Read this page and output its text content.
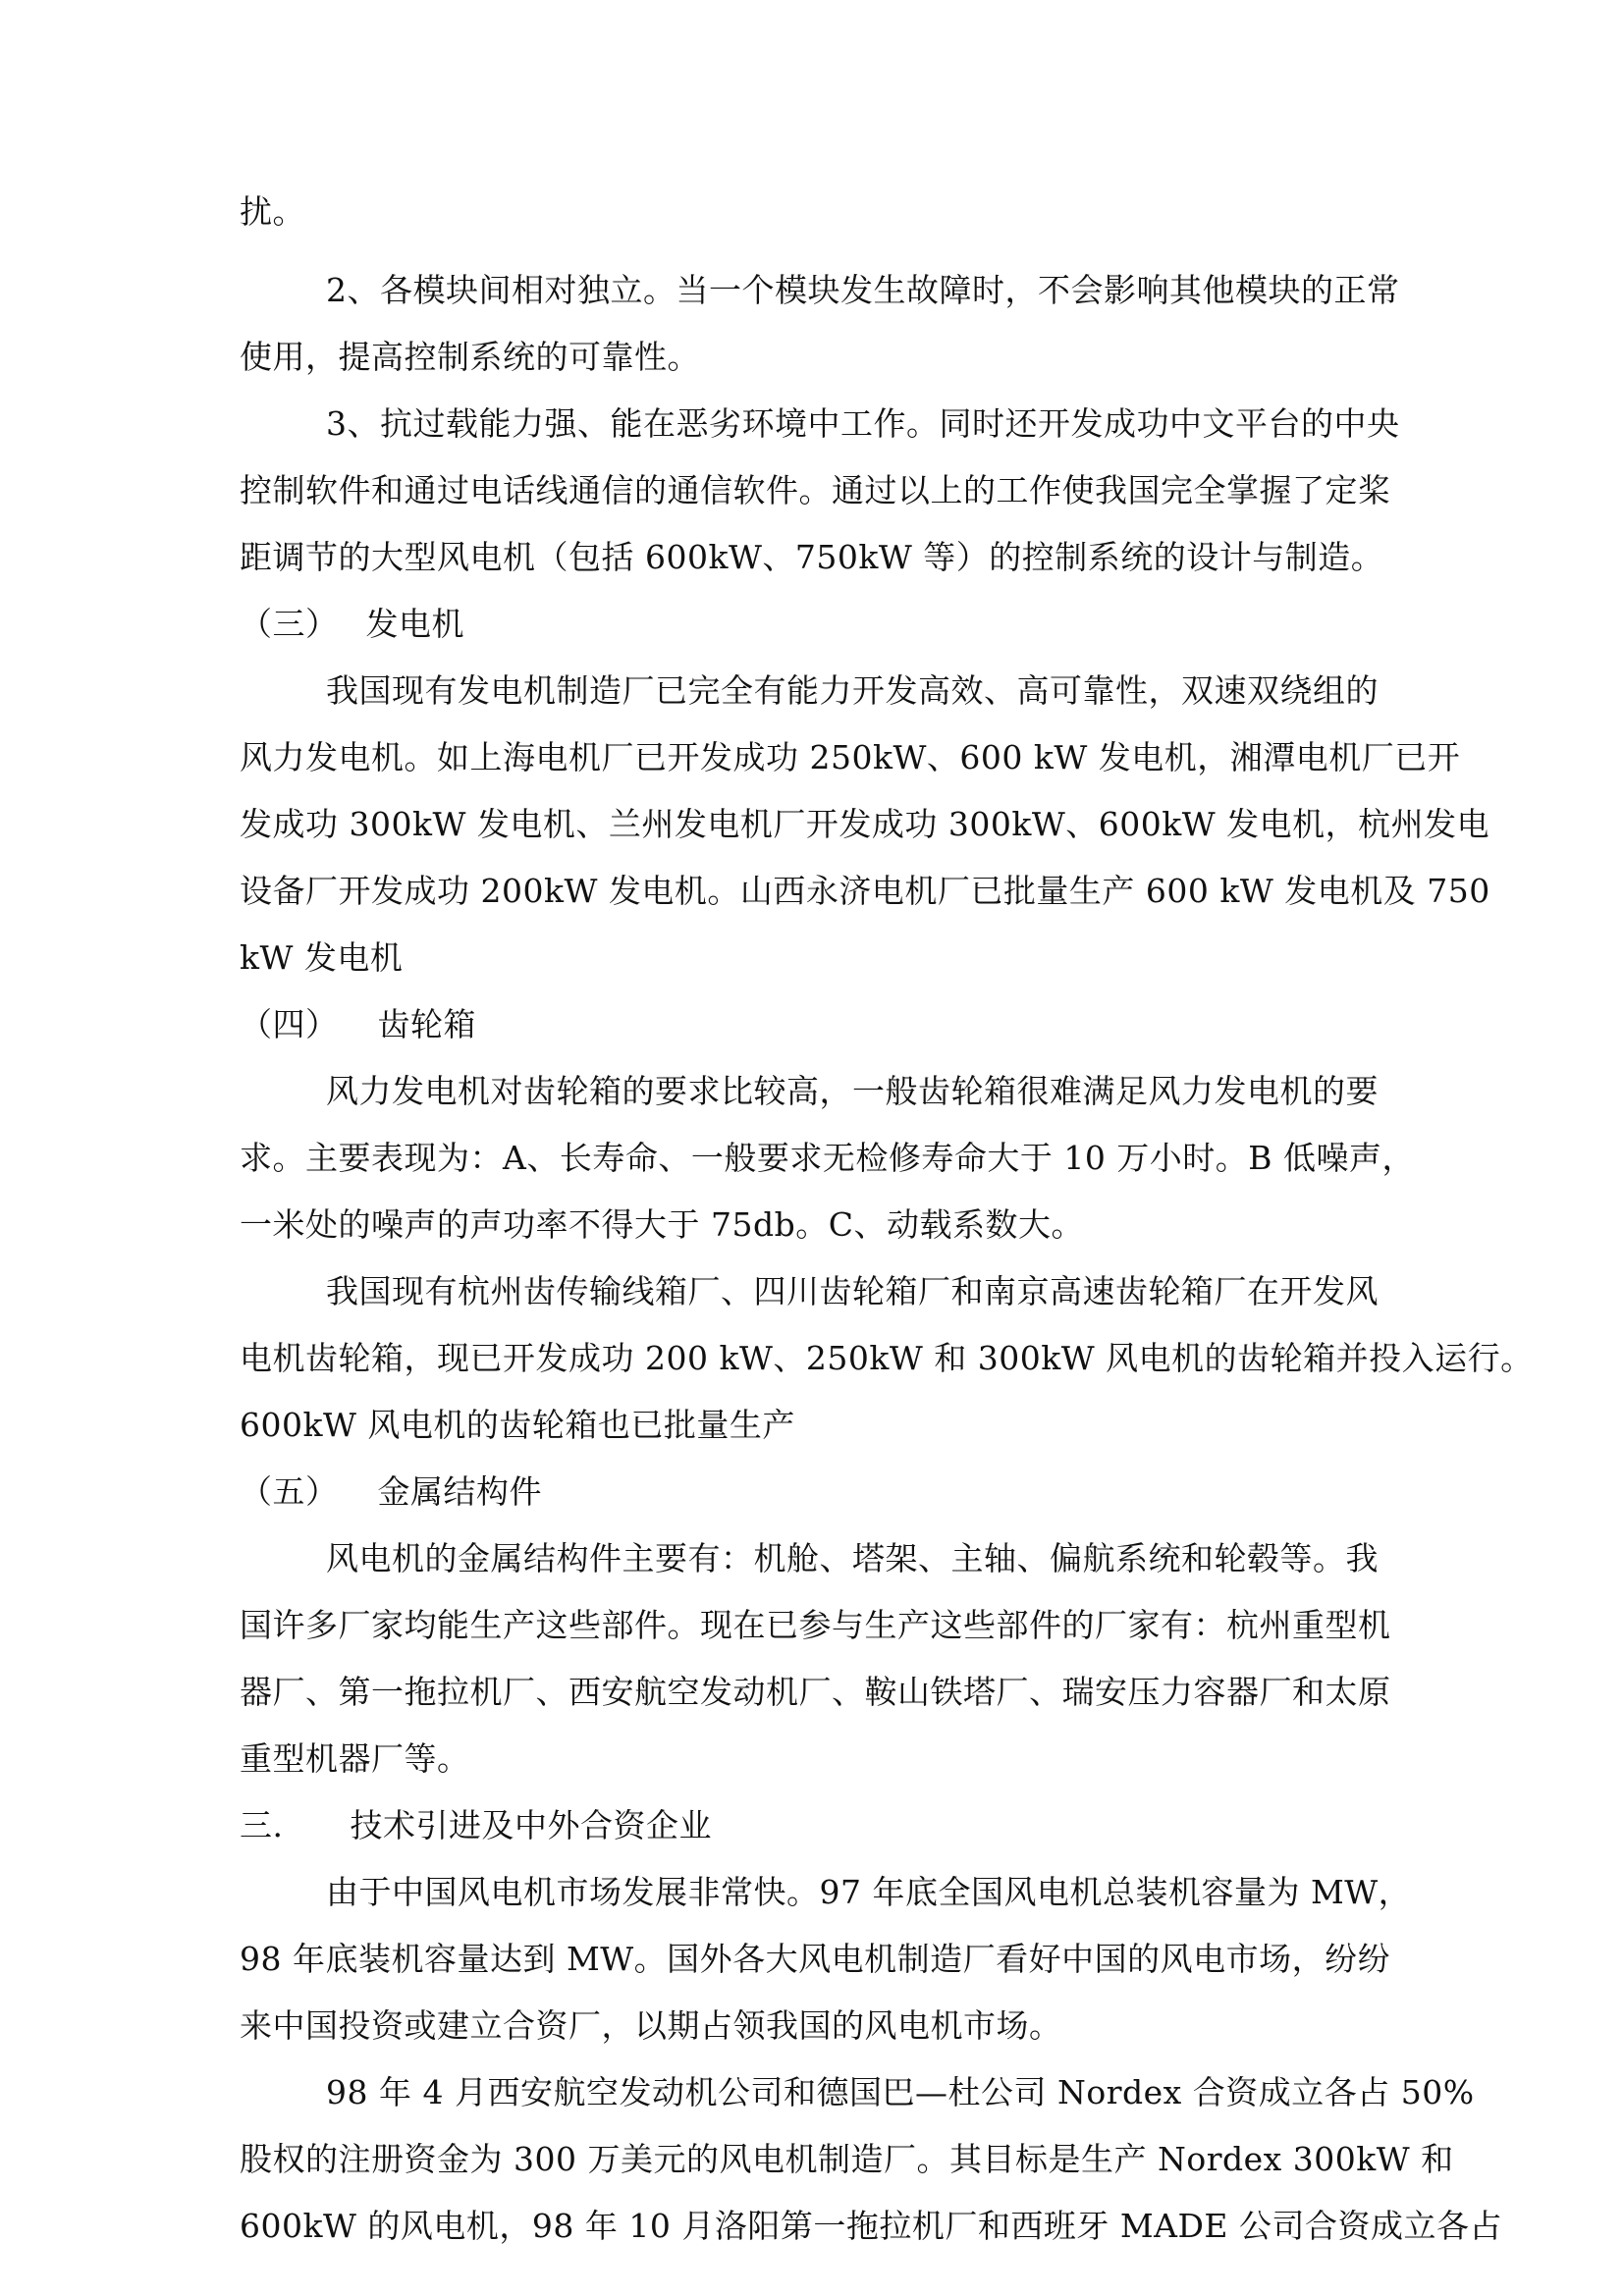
扰。
2、各模块间相对独立。当一个模块发生故障时，不会影响其他模块的正常
使用，提高控制系统的可靠性。
3、抗过载能力强、能在恶劣环境中工作。同时还开发成功中文平台的中央
控制软件和通过电话线通信的通信软件。通过以上的工作使我国完全掌握了定桨
距调节的大型风电机（包括 600kW、750kW 等）的控制系统的设计与制造。
（三） 发电机
我国现有发电机制造厂已完全有能力开发高效、高可靠性，双速双绕组的
风力发电机。如上海电机厂已开发成功 250kW、600 kW 发电机，湘潭电机厂已开
发成功 300kW 发电机、兰州发电机厂开发成功 300kW、600kW 发电机，杭州发电
设备厂开发成功 200kW 发电机。山西永济电机厂已批量生产 600 kW 发电机及 750
kW 发电机
（四） 齿轮箱
风力发电机对齿轮箱的要求比较高，一般齿轮箱很难满足风力发电机的要
求。主要表现为：A、长寿命、一般要求无检修寿命大于 10 万小时。B 低噪声，
一米处的噪声的声功率不得大于 75db。C、动载系数大。
我国现有杭州齿传输线箱厂、四川齿轮箱厂和南京高速齿轮箱厂在开发风
电机齿轮箱，现已开发成功 200 kW、250kW 和 300kW 风电机的齿轮箱并投入运行。
600kW 风电机的齿轮箱也已批量生产
（五） 金属结构件
风电机的金属结构件主要有：机舱、塔架、主轴、偏航系统和轮毂等。我
国许多厂家均能生产这些部件。现在已参与生产这些部件的厂家有：杭州重型机
器厂、第一拖拉机厂、西安航空发动机厂、鞍山铁塔厂、瑞安压力容器厂和太原
重型机器厂等。
三. 技术引进及中外合资企业
由于中国风电机市场发展非常快。97 年底全国风电机总装机容量为 MW，
98 年底装机容量达到 MW。国外各大风电机制造厂看好中国的风电市场，纷纷
来中国投资或建立合资厂，以期占领我国的风电机市场。
98 年 4 月西安航空发动机公司和德国巴—杜公司 Nordex 合资成立各占 50%
股权的注册资金为 300 万美元的风电机制造厂。其目标是生产 Nordex 300kW 和
600kW 的风电机，98 年 10 月洛阳第一拖拉机厂和西班牙 MADE 公司合资成立各占
